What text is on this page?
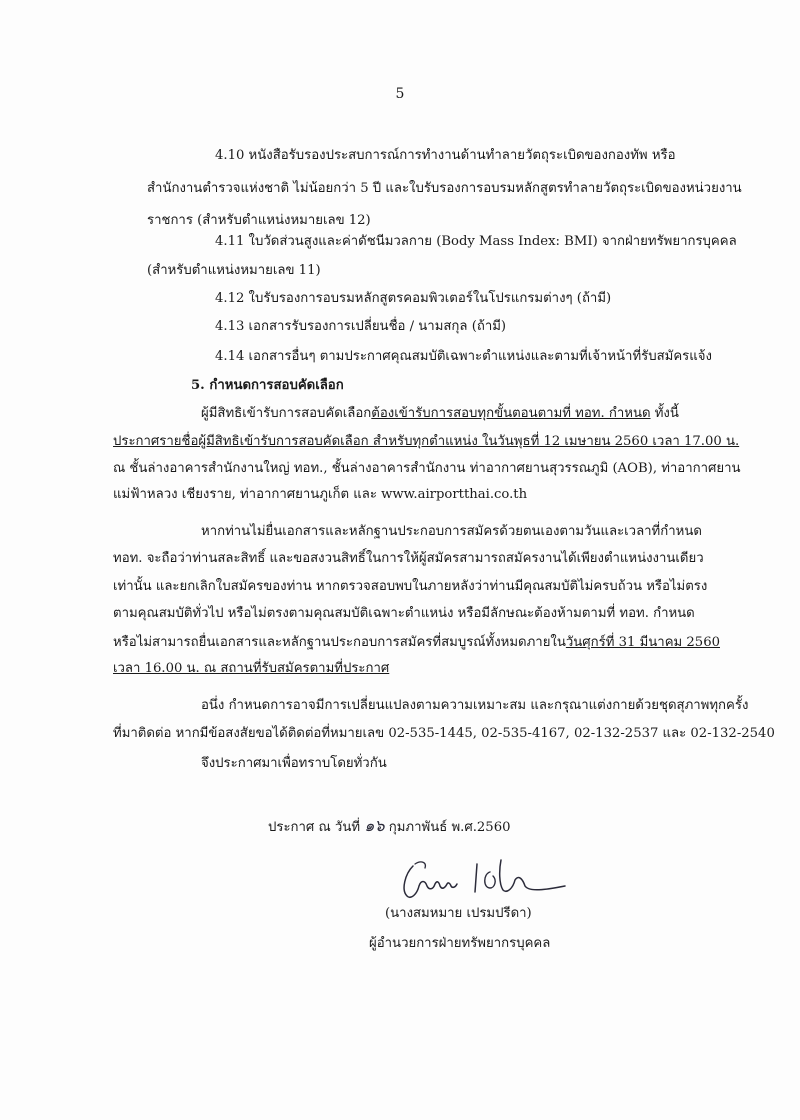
5
4.10 หนังสือรับรองประสบการณ์การทำงานด้านทำลายวัตถุระเบิดของกองทัพ หรือ
สำนักงานตำรวจแห่งชาติ ไม่น้อยกว่า 5 ปี และใบรับรองการอบรมหลักสูตรทำลายวัตถุระเบิดของหน่วยงาน
ราชการ (สำหรับตำแหน่งหมายเลข 12)
4.11 ใบวัดส่วนสูงและค่าดัชนีมวลกาย (Body Mass Index: BMI) จากฝ่ายทรัพยากรบุคคล
(สำหรับตำแหน่งหมายเลข 11)
4.12 ใบรับรองการอบรมหลักสูตรคอมพิวเตอร์ในโปรแกรมต่างๆ (ถ้ามี)
4.13 เอกสารรับรองการเปลี่ยนชื่อ / นามสกุล (ถ้ามี)
4.14 เอกสารอื่นๆ ตามประกาศคุณสมบัติเฉพาะตำแหน่งและตามที่เจ้าหน้าที่รับสมัครแจ้ง
5. กำหนดการสอบคัดเลือก
ผู้มีสิทธิเข้ารับการสอบคัดเลือกต้องเข้ารับการสอบทุกขั้นตอนตามที่ ทอท. กำหนด ทั้งนี้
ประกาศรายชื่อผู้มีสิทธิเข้ารับการสอบคัดเลือก สำหรับทุกตำแหน่ง ในวันพุธที่ 12 เมษายน 2560 เวลา 17.00 น.
ณ ชั้นล่างอาคารสำนักงานใหญ่ ทอท., ชั้นล่างอาคารสำนักงาน ท่าอากาศยานสุวรรณภูมิ (AOB), ท่าอากาศยาน
แม่ฟ้าหลวง เชียงราย, ท่าอากาศยานภูเก็ต และ www.airportthai.co.th
หากท่านไม่ยื่นเอกสารและหลักฐานประกอบการสมัครด้วยตนเองตามวันและเวลาที่กำหนด
ทอท. จะถือว่าท่านสละสิทธิ์ และขอสงวนสิทธิ์ในการให้ผู้สมัครสามารถสมัครงานได้เพียงตำแหน่งงานเดียว
เท่านั้น และยกเลิกใบสมัครของท่าน หากตรวจสอบพบในภายหลังว่าท่านมีคุณสมบัติไม่ครบถ้วน หรือไม่ตรง
ตามคุณสมบัติทั่วไป หรือไม่ตรงตามคุณสมบัติเฉพาะตำแหน่ง หรือมีลักษณะต้องห้ามตามที่ ทอท. กำหนด
หรือไม่สามารถยื่นเอกสารและหลักฐานประกอบการสมัครที่สมบูรณ์ทั้งหมดภายในวันศุกร์ที่ 31 มีนาคม 2560
เวลา 16.00 น. ณ สถานที่รับสมัครตามที่ประกาศ
อนึ่ง กำหนดการอาจมีการเปลี่ยนแปลงตามความเหมาะสม และกรุณาแต่งกายด้วยชุดสุภาพทุกครั้ง
ที่มาติดต่อ หากมีข้อสงสัยขอได้ติดต่อที่หมายเลข 02-535-1445, 02-535-4167, 02-132-2537 และ 02-132-2540
จึงประกาศมาเพื่อทราบโดยทั่วกัน
ประกาศ ณ วันที่ ๑๖ กุมภาพันธ์ พ.ศ.2560
(นางสมหมาย เปรมปรีดา)
ผู้อำนวยการฝ่ายทรัพยากรบุคคล
